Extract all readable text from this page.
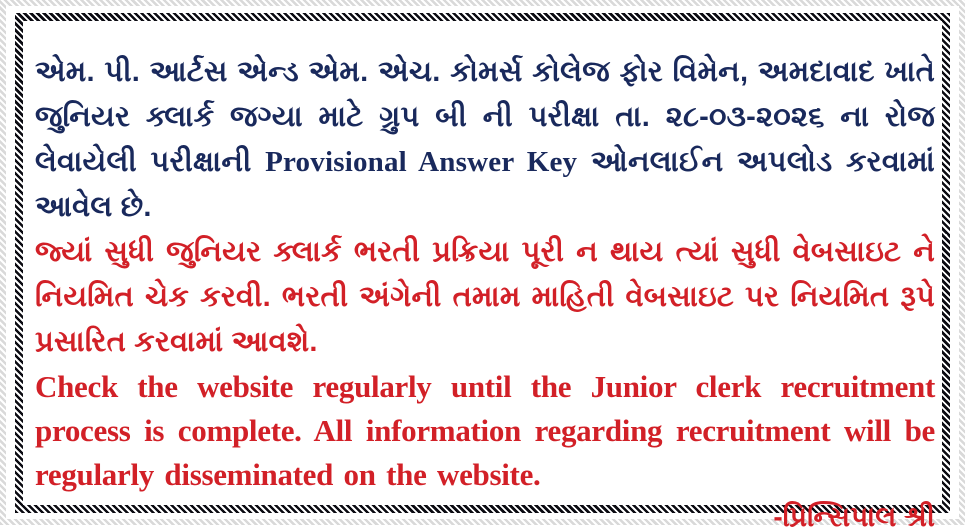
એમ. પી. આર્ટસ એન્ડ એમ. એચ. કોમર્સ કોલેજ ફોર વિમેન, અમદાવાદ ખાતે જુનિયર ક્લાર્ક જગ્યા માટે ગ્રુપ બી ની પરીક્ષા તા. ૨૮-૦૩-૨૦૨૬ ના રોજ લેવાયેલી પરીક્ષાની Provisional Answer Key ઓનલાઈન અપલોડ કરવામાં આવેલ છે.

જ્યાં સુધી જુનિયર ક્લાર્ક ભરતી પ્રક્રિયા પૂરી ન થાય ત્યાં સુધી વેબસાઇટ ને નિયમિત ચેક કરવી. ભરતી અંગેની તમામ માહિતી વેબસાઇટ પર નિયમિત રૂપે પ્રસારિત કરવામાં આવશે.

Check the website regularly until the Junior clerk recruitment process is complete. All information regarding recruitment will be regularly disseminated on the website.

-પ્રિન્સિપાલ શ્રી
